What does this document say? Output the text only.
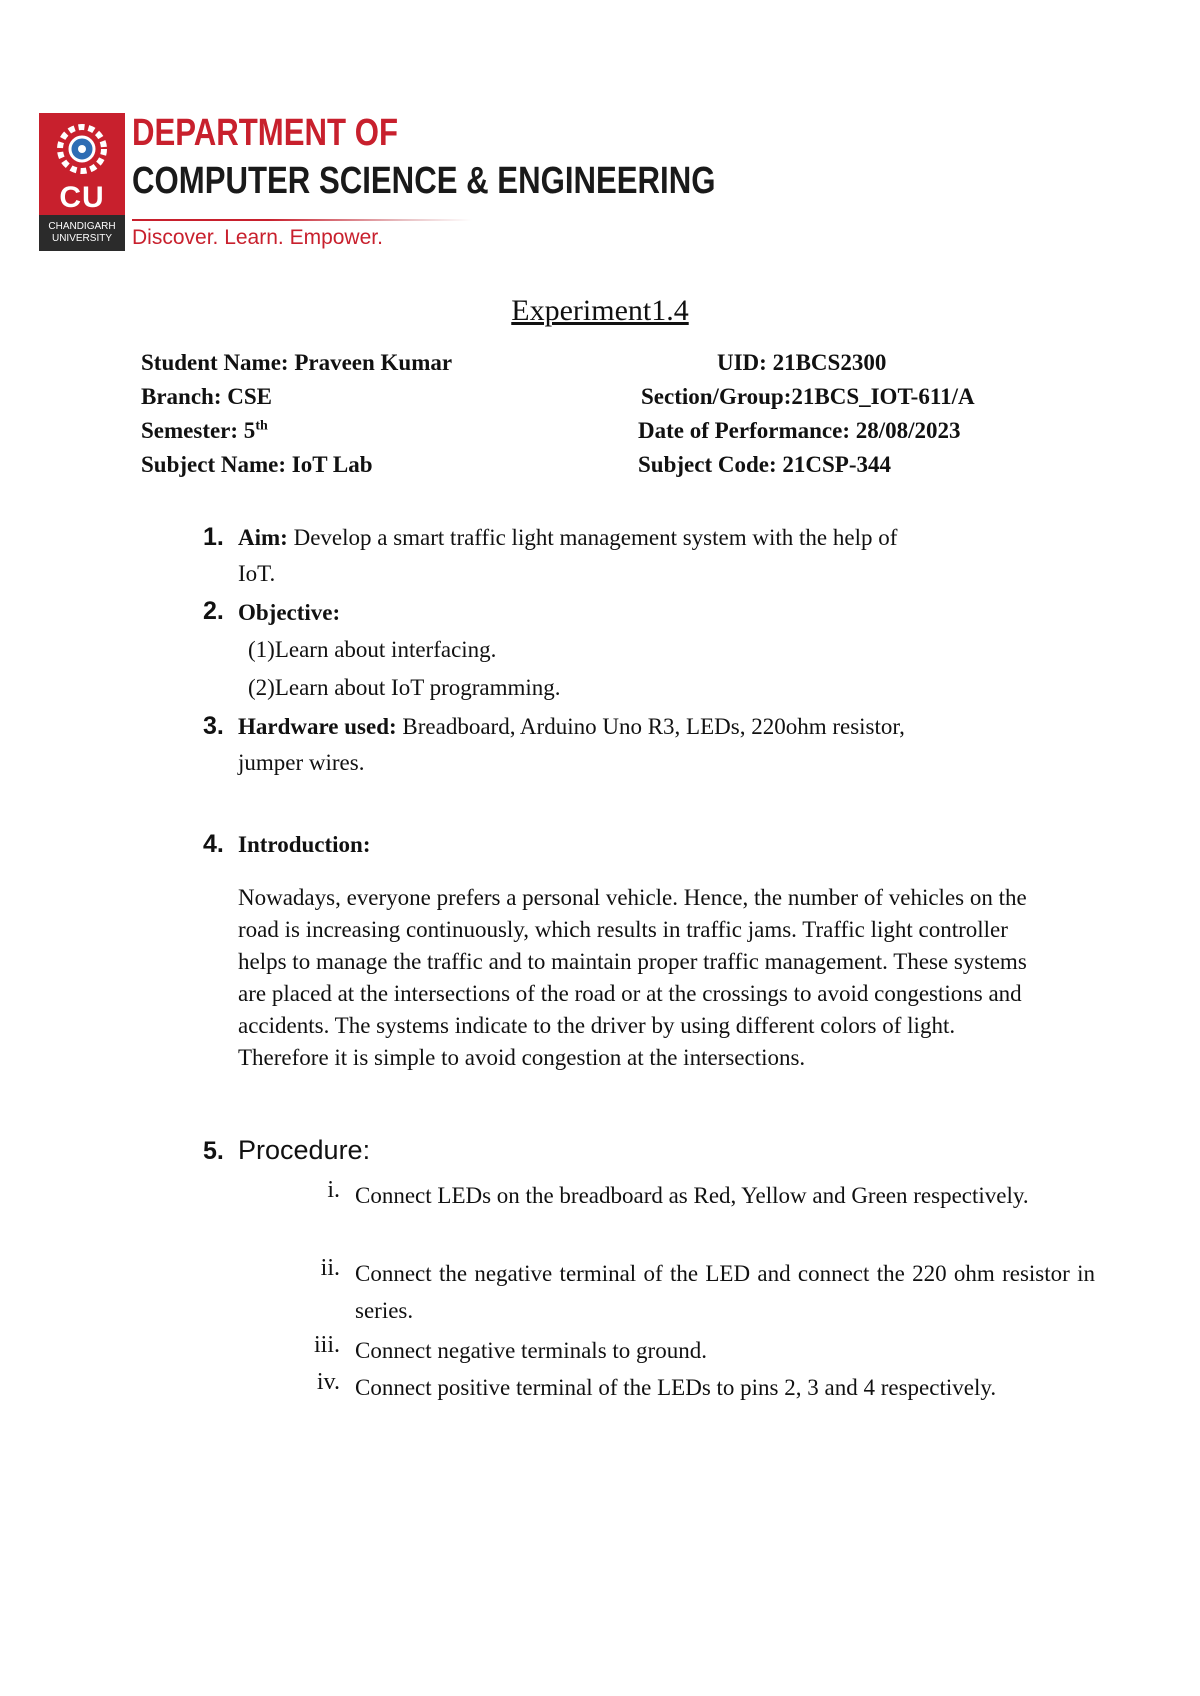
CU
CHANDIGARH
UNIVERSITY
DEPARTMENT OF
COMPUTER SCIENCE & ENGINEERING
Discover. Learn. Empower.
Experiment1.4
Student Name: Praveen Kumar	UID: 21BCS2300
Branch: CSE	Section/Group:21BCS_IOT-611/A
Semester: 5th	Date of Performance: 28/08/2023
Subject Name: IoT Lab	Subject Code: 21CSP-344
1. Aim: Develop a smart traffic light management system with the help of
IoT.
2. Objective:
(1)Learn about interfacing.
(2)Learn about IoT programming.
3. Hardware used: Breadboard, Arduino Uno R3, LEDs, 220ohm resistor,
jumper wires.
4. Introduction:
Nowadays, everyone prefers a personal vehicle. Hence, the number of vehicles on the road is increasing continuously, which results in traffic jams. Traffic light controller helps to manage the traffic and to maintain proper traffic management. These systems are placed at the intersections of the road or at the crossings to avoid congestions and accidents. The systems indicate to the driver by using different colors of light. Therefore it is simple to avoid congestion at the intersections.
5. Procedure:
i. Connect LEDs on the breadboard as Red, Yellow and Green respectively.
ii. Connect the negative terminal of the LED and connect the 220 ohm resistor in series.
iii. Connect negative terminals to ground.
iv. Connect positive terminal of the LEDs to pins 2, 3 and 4 respectively.
